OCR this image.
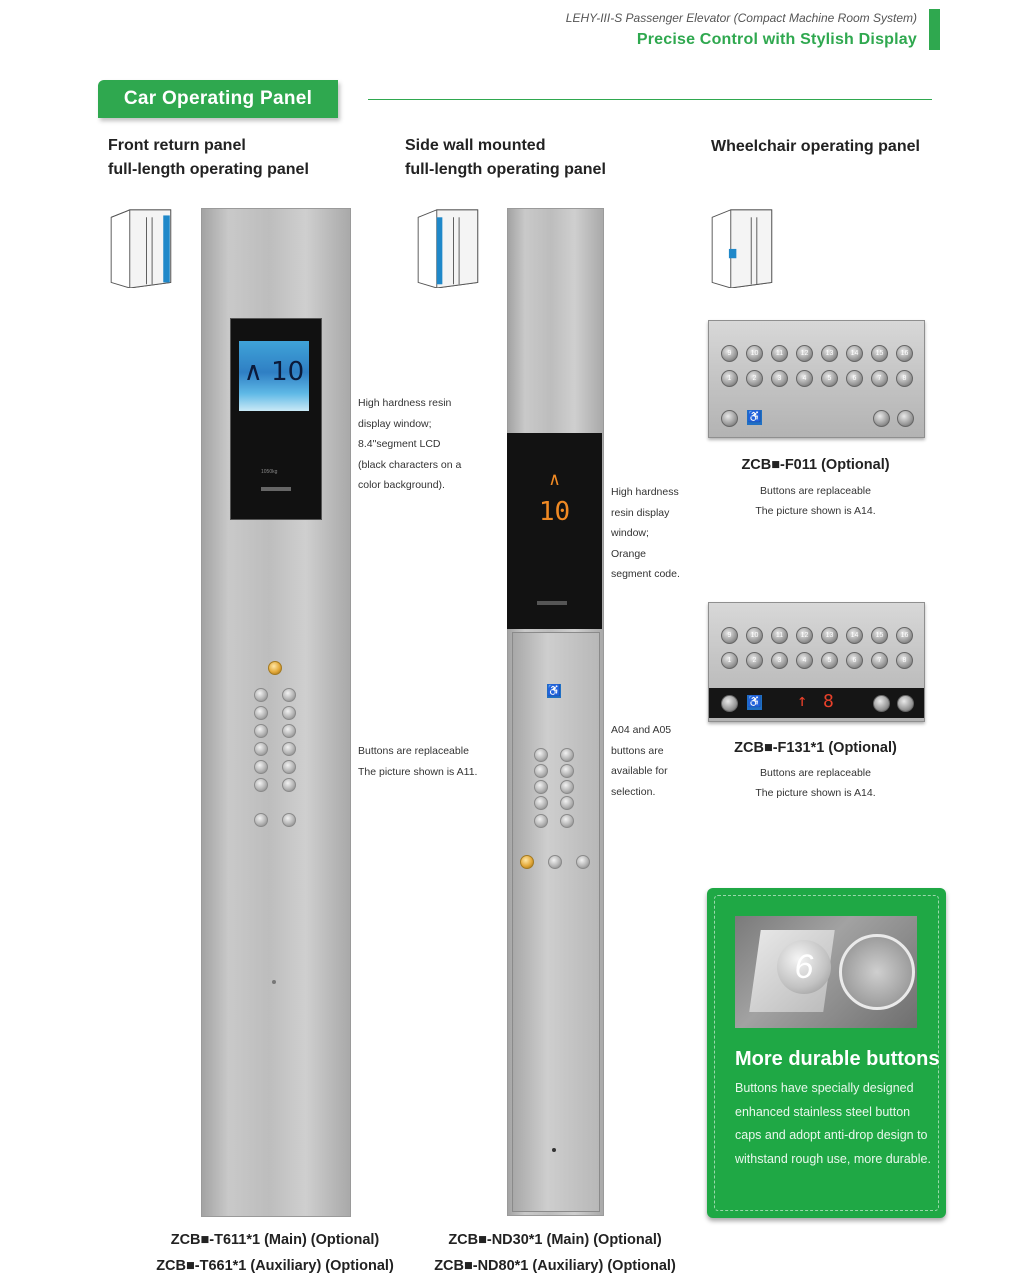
LEHY-III-S Passenger Elevator (Compact Machine Room System)
Precise Control with Stylish Display
Car Operating Panel
Front return panel
full-length operating panel
Side wall mounted
full-length operating panel
Wheelchair operating panel
∧ 10
1050kg
High hardness resin
display window;
8.4"segment LCD
(black characters on a
color background).
Buttons are replaceable
The picture shown is A11.
∧
10
♿
High hardness
resin display
window;
Orange
segment code.
A04 and A05
buttons are
available for
selection.
ZCB■-T611*1 (Main) (Optional)
ZCB■-T661*1 (Auxiliary) (Optional)
ZCB■-ND30*1 (Main) (Optional)
ZCB■-ND80*1 (Auxiliary) (Optional)
9	10	11	12	13	14	15	16
1	2	3	4	5	6	7	8
♿
ZCB■-F011 (Optional)
Buttons are replaceable
The picture shown is A14.
9	10	11	12	13	14	15	16
1	2	3	4	5	6	7	8
♿ ↑ 8
ZCB■-F131*1 (Optional)
Buttons are replaceable
The picture shown is A14.
6
More durable buttons
Buttons have specially designed enhanced stainless steel button caps and adopt anti-drop design to withstand rough use, more durable.
